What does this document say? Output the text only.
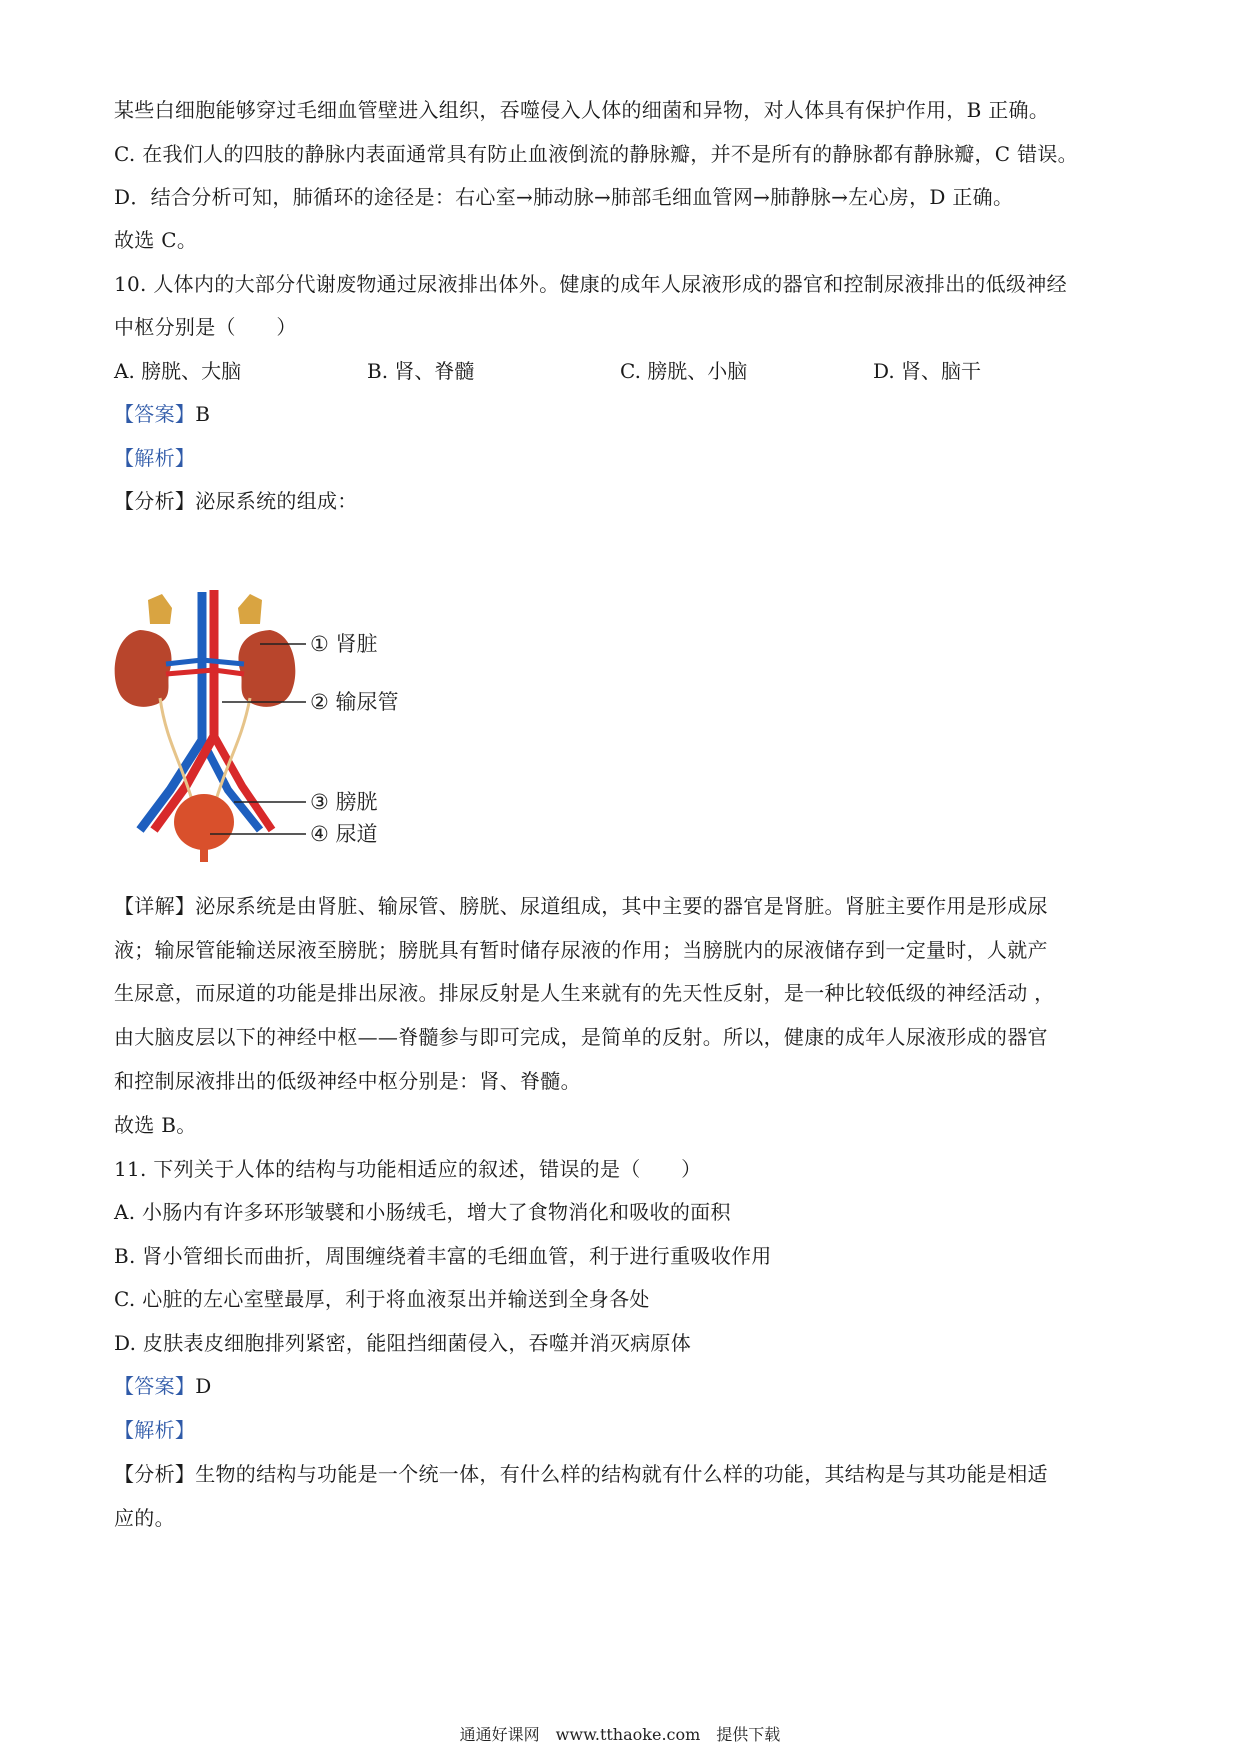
某些白细胞能够穿过毛细血管壁进入组织，吞噬侵入人体的细菌和异物，对人体具有保护作用，B 正确。
C. 在我们人的四肢的静脉内表面通常具有防止血液倒流的静脉瓣，并不是所有的静脉都有静脉瓣，C 错误。
D．结合分析可知，肺循环的途径是：右心室→肺动脉→肺部毛细血管网→肺静脉→左心房，D 正确。
故选 C。
10. 人体内的大部分代谢废物通过尿液排出体外。健康的成年人尿液形成的器官和控制尿液排出的低级神经
中枢分别是（　　）
A. 膀胱、大脑	B. 肾、脊髓	C. 膀胱、小脑	D. 肾、脑干
【答案】B
【解析】
【分析】泌尿系统的组成：
① 肾脏
② 输尿管
③ 膀胱
④ 尿道
【详解】泌尿系统是由肾脏、输尿管、膀胱、尿道组成，其中主要的器官是肾脏。肾脏主要作用是形成尿
液；输尿管能输送尿液至膀胱；膀胱具有暂时储存尿液的作用；当膀胱内的尿液储存到一定量时，人就产
生尿意，而尿道的功能是排出尿液。排尿反射是人生来就有的先天性反射，是一种比较低级的神经活动 ，
由大脑皮层以下的神经中枢——脊髓参与即可完成，是简单的反射。所以，健康的成年人尿液形成的器官
和控制尿液排出的低级神经中枢分别是：肾、脊髓。
故选 B。
11. 下列关于人体的结构与功能相适应的叙述，错误的是（　　）
A. 小肠内有许多环形皱襞和小肠绒毛，增大了食物消化和吸收的面积
B. 肾小管细长而曲折，周围缠绕着丰富的毛细血管，利于进行重吸收作用
C. 心脏的左心室壁最厚，利于将血液泵出并输送到全身各处
D. 皮肤表皮细胞排列紧密，能阻挡细菌侵入，吞噬并消灭病原体
【答案】D
【解析】
【分析】生物的结构与功能是一个统一体，有什么样的结构就有什么样的功能，其结构是与其功能是相适
应的。
通通好课网　www.tthaoke.com　提供下载
